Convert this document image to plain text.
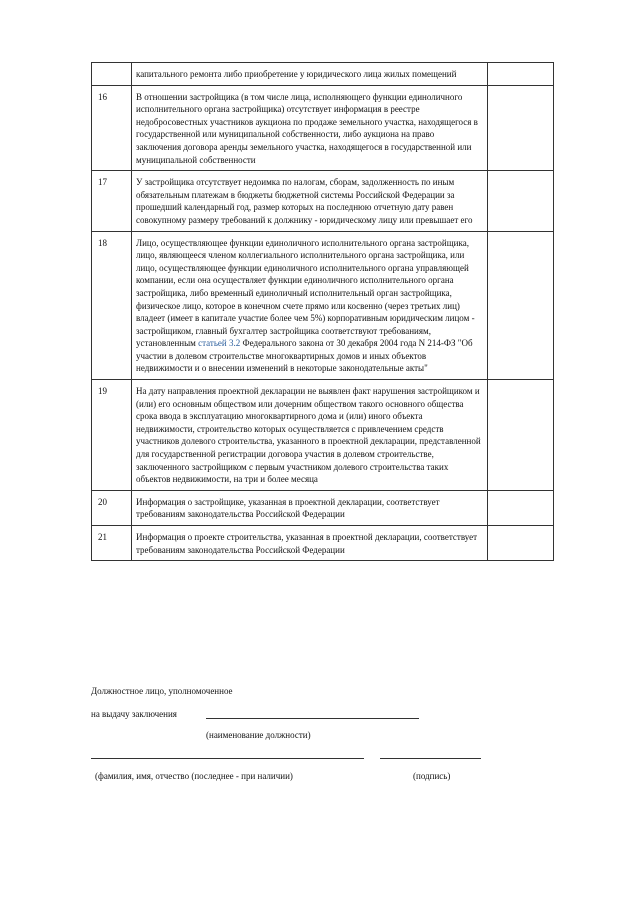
	капитального ремонта либо приобретение у юридического лица жилых помещений	
16	В отношении застройщика (в том числе лица, исполняющего функции единоличного исполнительного органа застройщика) отсутствует информация в реестре недобросовестных участников аукциона по продаже земельного участка, находящегося в государственной или муниципальной собственности, либо аукциона на право заключения договора аренды земельного участка, находящегося в государственной или муниципальной собственности	
17	У застройщика отсутствует недоимка по налогам, сборам, задолженность по иным обязательным платежам в бюджеты бюджетной системы Российской Федерации за прошедший календарный год, размер которых на последнюю отчетную дату равен совокупному размеру требований к должнику - юридическому лицу или превышает его	
18	Лицо, осуществляющее функции единоличного исполнительного органа застройщика, лицо, являющееся членом коллегиального исполнительного органа застройщика, или лицо, осуществляющее функции единоличного исполнительного органа управляющей компании, если она осуществляет функции единоличного исполнительного органа застройщика, либо временный единоличный исполнительный орган застройщика, физическое лицо, которое в конечном счете прямо или косвенно (через третьих лиц) владеет (имеет в капитале участие более чем 5%) корпоративным юридическим лицом - застройщиком, главный бухгалтер застройщика соответствуют требованиям, установленным статьей 3.2 Федерального закона от 30 декабря 2004 года N 214-ФЗ "Об участии в долевом строительстве многоквартирных домов и иных объектов недвижимости и о внесении изменений в некоторые законодательные акты"	
19	На дату направления проектной декларации не выявлен факт нарушения застройщиком и (или) его основным обществом или дочерним обществом такого основного общества срока ввода в эксплуатацию многоквартирного дома и (или) иного объекта недвижимости, строительство которых осуществляется с привлечением средств участников долевого строительства, указанного в проектной декларации, представленной для государственной регистрации договора участия в долевом строительстве, заключенного застройщиком с первым участником долевого строительства таких объектов недвижимости, на три и более месяца	
20	Информация о застройщике, указанная в проектной декларации, соответствует требованиям законодательства Российской Федерации	
21	Информация о проекте строительства, указанная в проектной декларации, соответствует требованиям законодательства Российской Федерации	
Должностное лицо, уполномоченное
на выдачу заключения
(наименование должности)
(фамилия, имя, отчество (последнее - при наличии)	(подпись)
